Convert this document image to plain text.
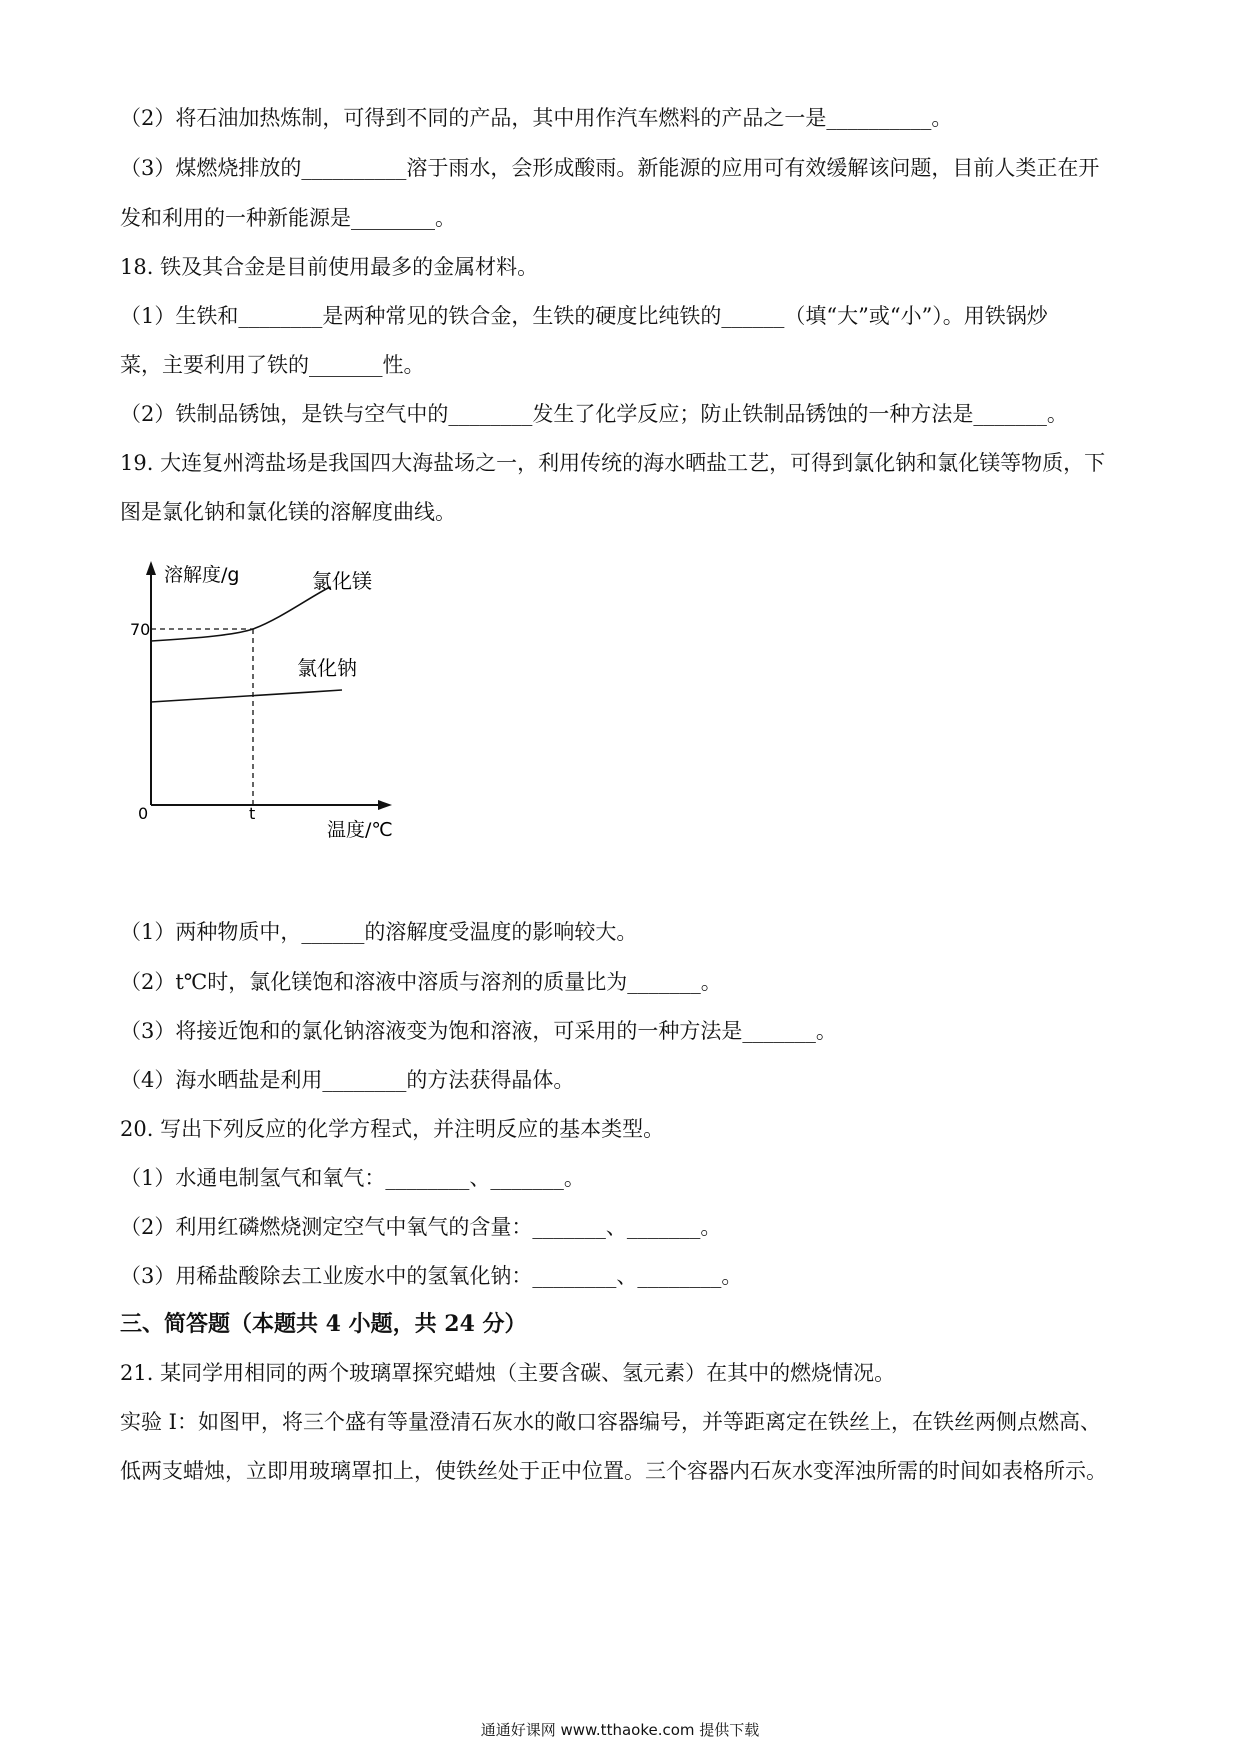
（2）将石油加热炼制，可得到不同的产品，其中用作汽车燃料的产品之一是__________。
（3）煤燃烧排放的__________溶于雨水，会形成酸雨。新能源的应用可有效缓解该问题，目前人类正在开
发和利用的一种新能源是________。
18. 铁及其合金是目前使用最多的金属材料。
（1）生铁和________是两种常见的铁合金，生铁的硬度比纯铁的______（填“大”或“小”）。用铁锅炒
菜，主要利用了铁的_______性。
（2）铁制品锈蚀，是铁与空气中的________发生了化学反应；防止铁制品锈蚀的一种方法是_______。
19. 大连复州湾盐场是我国四大海盐场之一，利用传统的海水晒盐工艺，可得到氯化钠和氯化镁等物质，下
图是氯化钠和氯化镁的溶解度曲线。
溶解度/g
温度/℃
0	t
70
氯化镁
氯化钠
（1）两种物质中，______的溶解度受温度的影响较大。
（2）t℃时，氯化镁饱和溶液中溶质与溶剂的质量比为_______。
（3）将接近饱和的氯化钠溶液变为饱和溶液，可采用的一种方法是_______。
（4）海水晒盐是利用________的方法获得晶体。
20. 写出下列反应的化学方程式，并注明反应的基本类型。
（1）水通电制氢气和氧气：________、_______。
（2）利用红磷燃烧测定空气中氧气的含量：_______、_______。
（3）用稀盐酸除去工业废水中的氢氧化钠：________、________。
三、简答题（本题共 4 小题，共 24 分）
21. 某同学用相同的两个玻璃罩探究蜡烛（主要含碳、氢元素）在其中的燃烧情况。
实验 I：如图甲，将三个盛有等量澄清石灰水的敞口容器编号，并等距离定在铁丝上，在铁丝两侧点燃高、
低两支蜡烛，立即用玻璃罩扣上，使铁丝处于正中位置。三个容器内石灰水变浑浊所需的时间如表格所示。
通通好课网 www.tthaoke.com 提供下载
